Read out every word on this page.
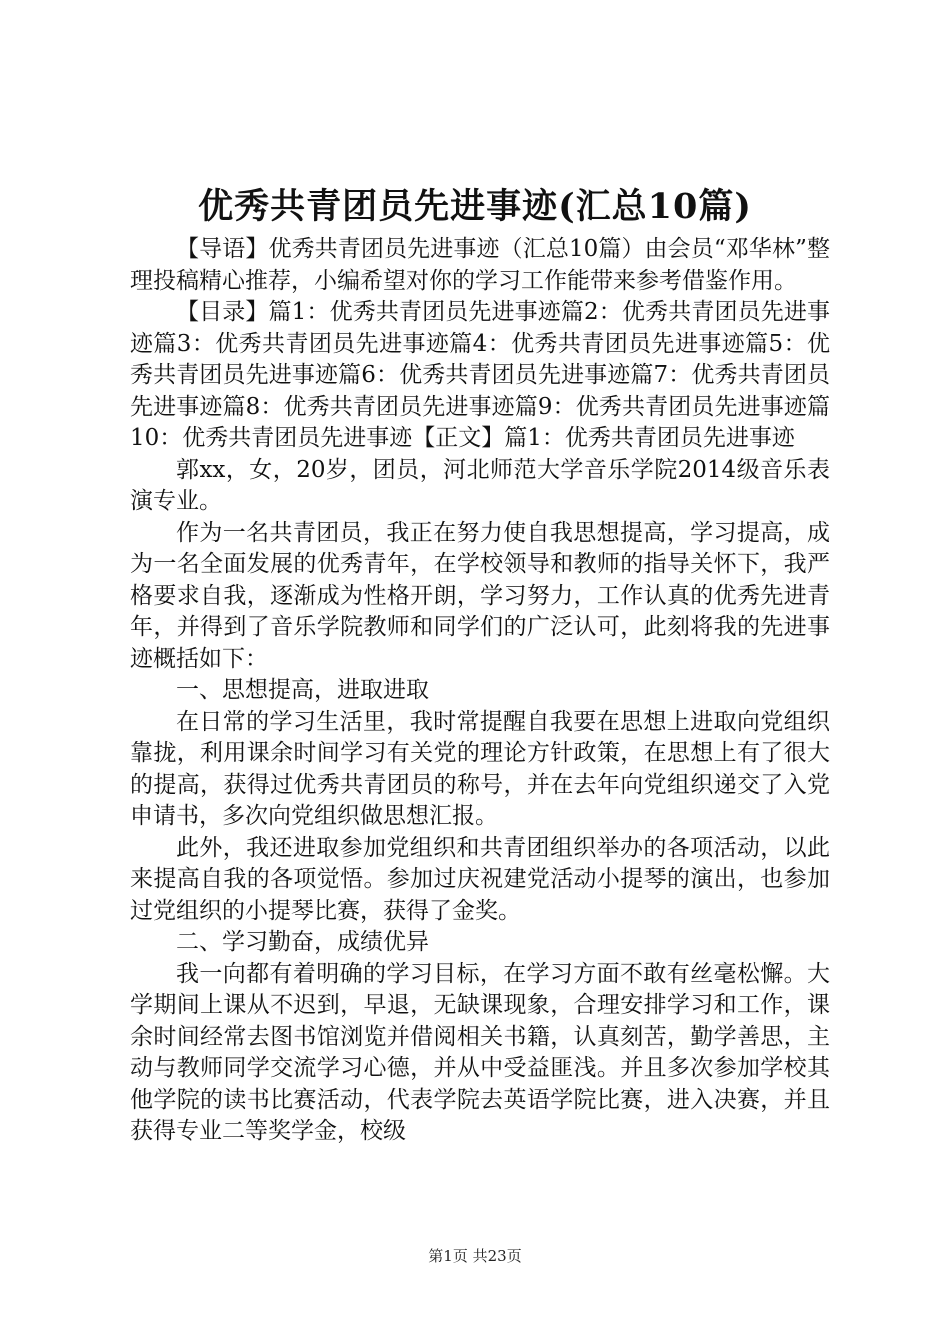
优秀共青团员先进事迹(汇总10篇)

【导语】优秀共青团员先进事迹（汇总10篇）由会员“邓华林”整理投稿精心推荐，小编希望对你的学习工作能带来参考借鉴作用。

【目录】篇1：优秀共青团员先进事迹篇2：优秀共青团员先进事迹篇3：优秀共青团员先进事迹篇4：优秀共青团员先进事迹篇5：优秀共青团员先进事迹篇6：优秀共青团员先进事迹篇7：优秀共青团员先进事迹篇8：优秀共青团员先进事迹篇9：优秀共青团员先进事迹篇10：优秀共青团员先进事迹【正文】篇1：优秀共青团员先进事迹

郭xx，女，20岁，团员，河北师范大学音乐学院2014级音乐表演专业。

作为一名共青团员，我正在努力使自我思想提高，学习提高，成为一名全面发展的优秀青年，在学校领导和教师的指导关怀下，我严格要求自我，逐渐成为性格开朗，学习努力，工作认真的优秀先进青年，并得到了音乐学院教师和同学们的广泛认可，此刻将我的先进事迹概括如下：

一、思想提高，进取进取

在日常的学习生活里，我时常提醒自我要在思想上进取向党组织靠拢，利用课余时间学习有关党的理论方针政策，在思想上有了很大的提高，获得过优秀共青团员的称号，并在去年向党组织递交了入党申请书，多次向党组织做思想汇报。

此外，我还进取参加党组织和共青团组织举办的各项活动，以此来提高自我的各项觉悟。参加过庆祝建党活动小提琴的演出，也参加过党组织的小提琴比赛，获得了金奖。

二、学习勤奋，成绩优异

我一向都有着明确的学习目标，在学习方面不敢有丝毫松懈。大学期间上课从不迟到，早退，无缺课现象，合理安排学习和工作，课余时间经常去图书馆浏览并借阅相关书籍，认真刻苦，勤学善思，主动与教师同学交流学习心德，并从中受益匪浅。并且多次参加学校其他学院的读书比赛活动，代表学院去英语学院比赛，进入决赛，并且获得专业二等奖学金，校级

第1页 共23页
